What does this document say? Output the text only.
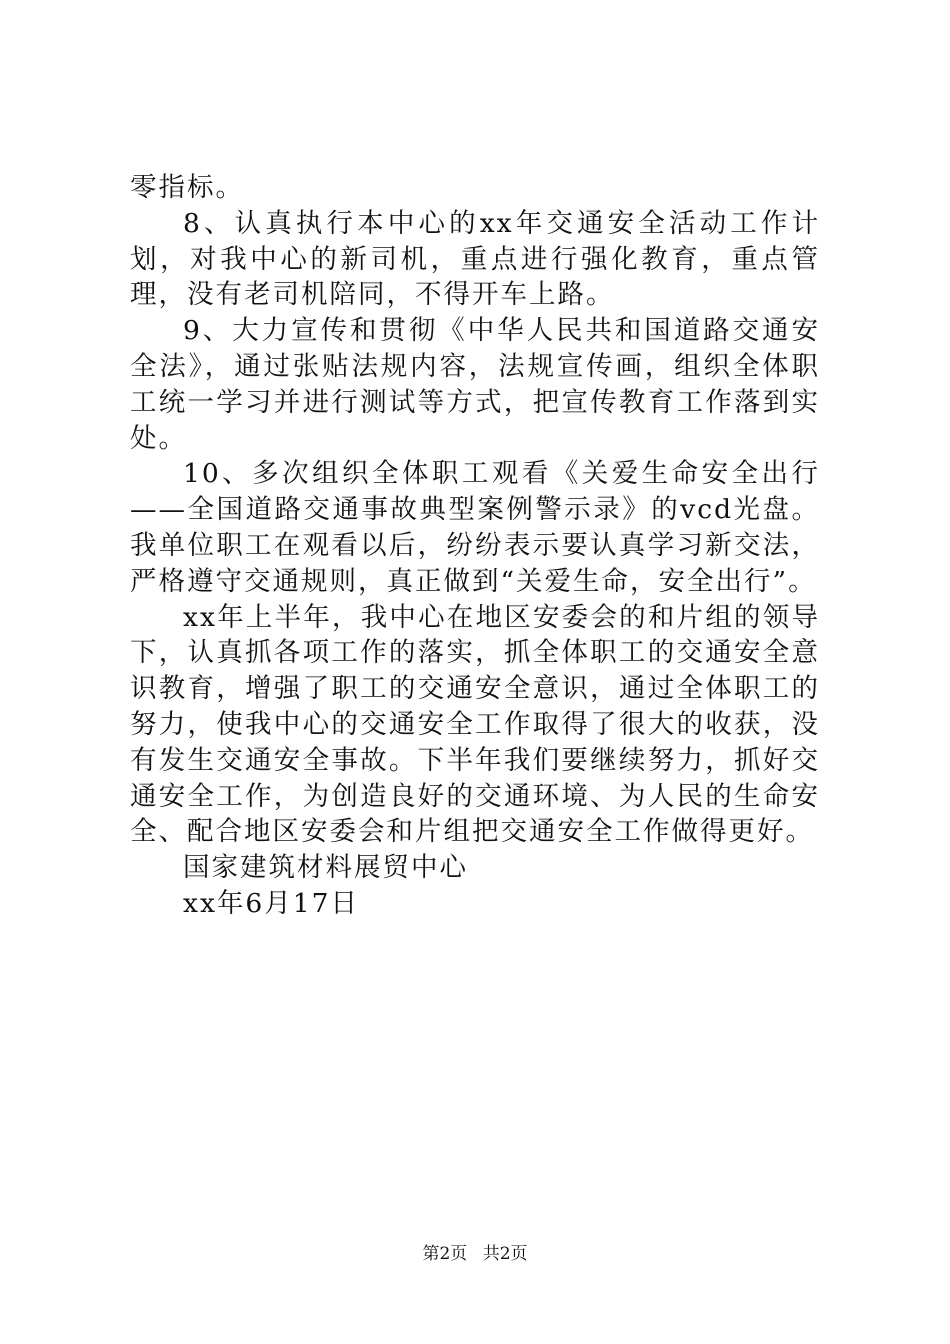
零指标。

8、认真执行本中心的xx年交通安全活动工作计划，对我中心的新司机，重点进行强化教育，重点管理，没有老司机陪同，不得开车上路。

9、大力宣传和贯彻《中华人民共和国道路交通安全法》，通过张贴法规内容，法规宣传画，组织全体职工统一学习并进行测试等方式，把宣传教育工作落到实处。

10、多次组织全体职工观看《关爱生命安全出行——全国道路交通事故典型案例警示录》的vcd光盘。我单位职工在观看以后，纷纷表示要认真学习新交法，严格遵守交通规则，真正做到“关爱生命，安全出行”。

xx年上半年，我中心在地区安委会的和片组的领导下，认真抓各项工作的落实，抓全体职工的交通安全意识教育，增强了职工的交通安全意识，通过全体职工的努力，使我中心的交通安全工作取得了很大的收获，没有发生交通安全事故。下半年我们要继续努力，抓好交通安全工作，为创造良好的交通环境、为人民的生命安全、配合地区安委会和片组把交通安全工作做得更好。

国家建筑材料展贸中心

xx年6月17日

第2页 共2页
